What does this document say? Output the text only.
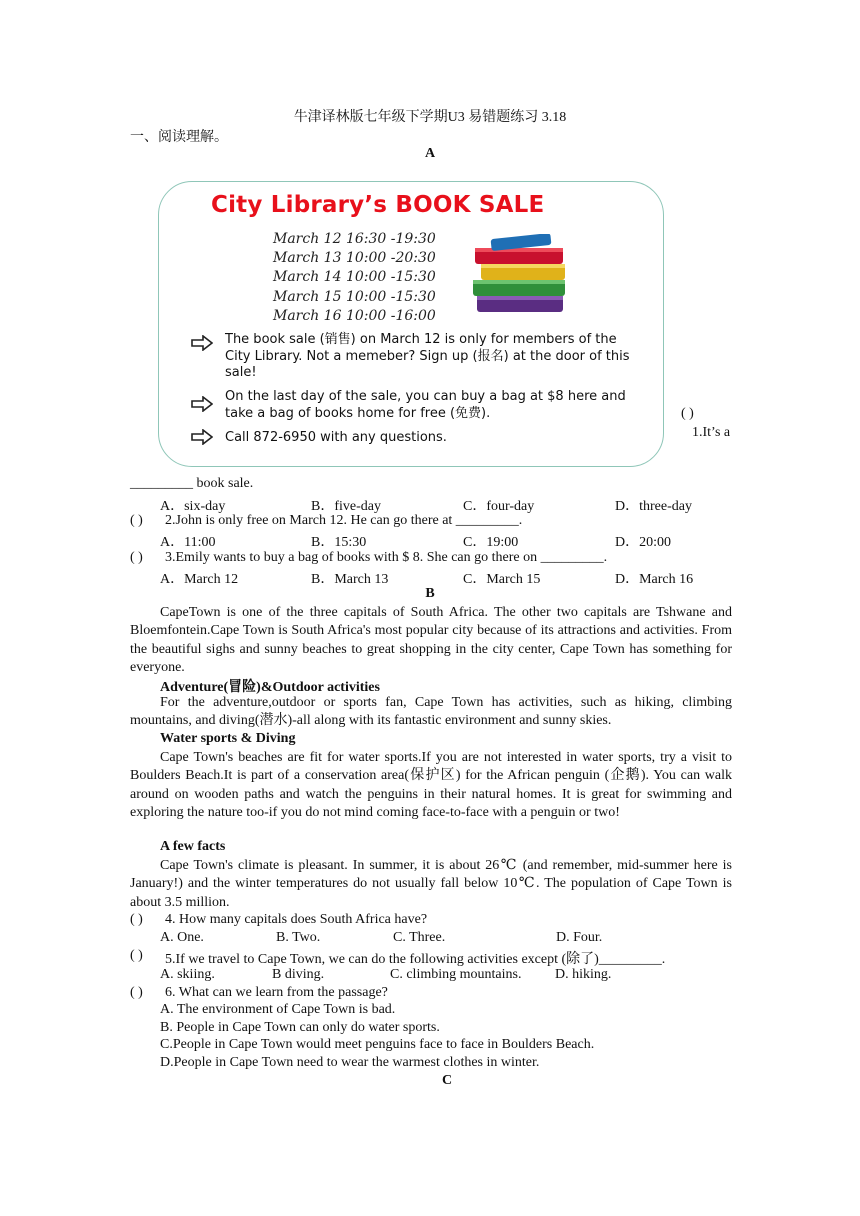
牛津译林版七年级下学期U3 易错题练习 3.18
一、阅读理解。
A
City Library’s BOOK SALE
March 12 16:30 -19:30
March 13 10:00 -20:30
March 14 10:00 -15:30
March 15 10:00 -15:30
March 16 10:00 -16:00
The book sale (销售) on March 12 is only for members of the City Library. Not a memeber? Sign up (报名) at the door of this sale!
On the last day of the sale, you can buy a bag at $8 here and take a bag of books home for free (免费).
Call 872-6950 with any questions.
( )
1.It’s a
_________ book sale.
A．six-day	B．five-day	C．four-day	D．three-day
( ) 2.John is only free on March 12. He can go there at _________.
A．11:00	B．15:30	C．19:00	D．20:00
( ) 3.Emily wants to buy a bag of books with $ 8. She can go there on _________.
A．March 12	B．March 13	C．March 15	D．March 16
B
CapeTown is one of the three capitals of South Africa. The other two capitals are Tshwane and Bloemfontein.Cape Town is South Africa's most popular city because of its attractions and activities. From the beautiful sighs and sunny beaches to great shopping in the city center, Cape Town has something for everyone.
Adventure(冒险)&Outdoor activities
For the adventure,outdoor or sports fan, Cape Town has activities, such as hiking, climbing mountains, and diving(潜水)-all along with its fantastic environment and sunny skies.
Water sports & Diving
Cape Town's beaches are fit for water sports.If you are not interested in water sports, try a visit to Boulders Beach.It is part of a conservation area(保护区) for the African penguin (企鹅). You can walk around on wooden paths and watch the penguins in their natural homes. It is great for swimming and exploring the nature too-if you do not mind coming face-to-face with a penguin or two!
A few facts
Cape Town's climate is pleasant. In summer, it is about 26℃ (and remember, mid-summer here is January!) and the winter temperatures do not usually fall below 10℃. The population of Cape Town is about 3.5 million.
( ) 4. How many capitals does South Africa have?
A. One.	B. Two.	C. Three.	D. Four.
( ) 5.If we travel to Cape Town, we can do the following activities except (除了)_________.
A. skiing.	B diving.	C. climbing mountains. D. hiking.
( ) 6. What can we learn from the passage?
A. The environment of Cape Town is bad.
B. People in Cape Town can only do water sports.
C.People in Cape Town would meet penguins face to face in Boulders Beach.
D.People in Cape Town need to wear the warmest clothes in winter.
C
